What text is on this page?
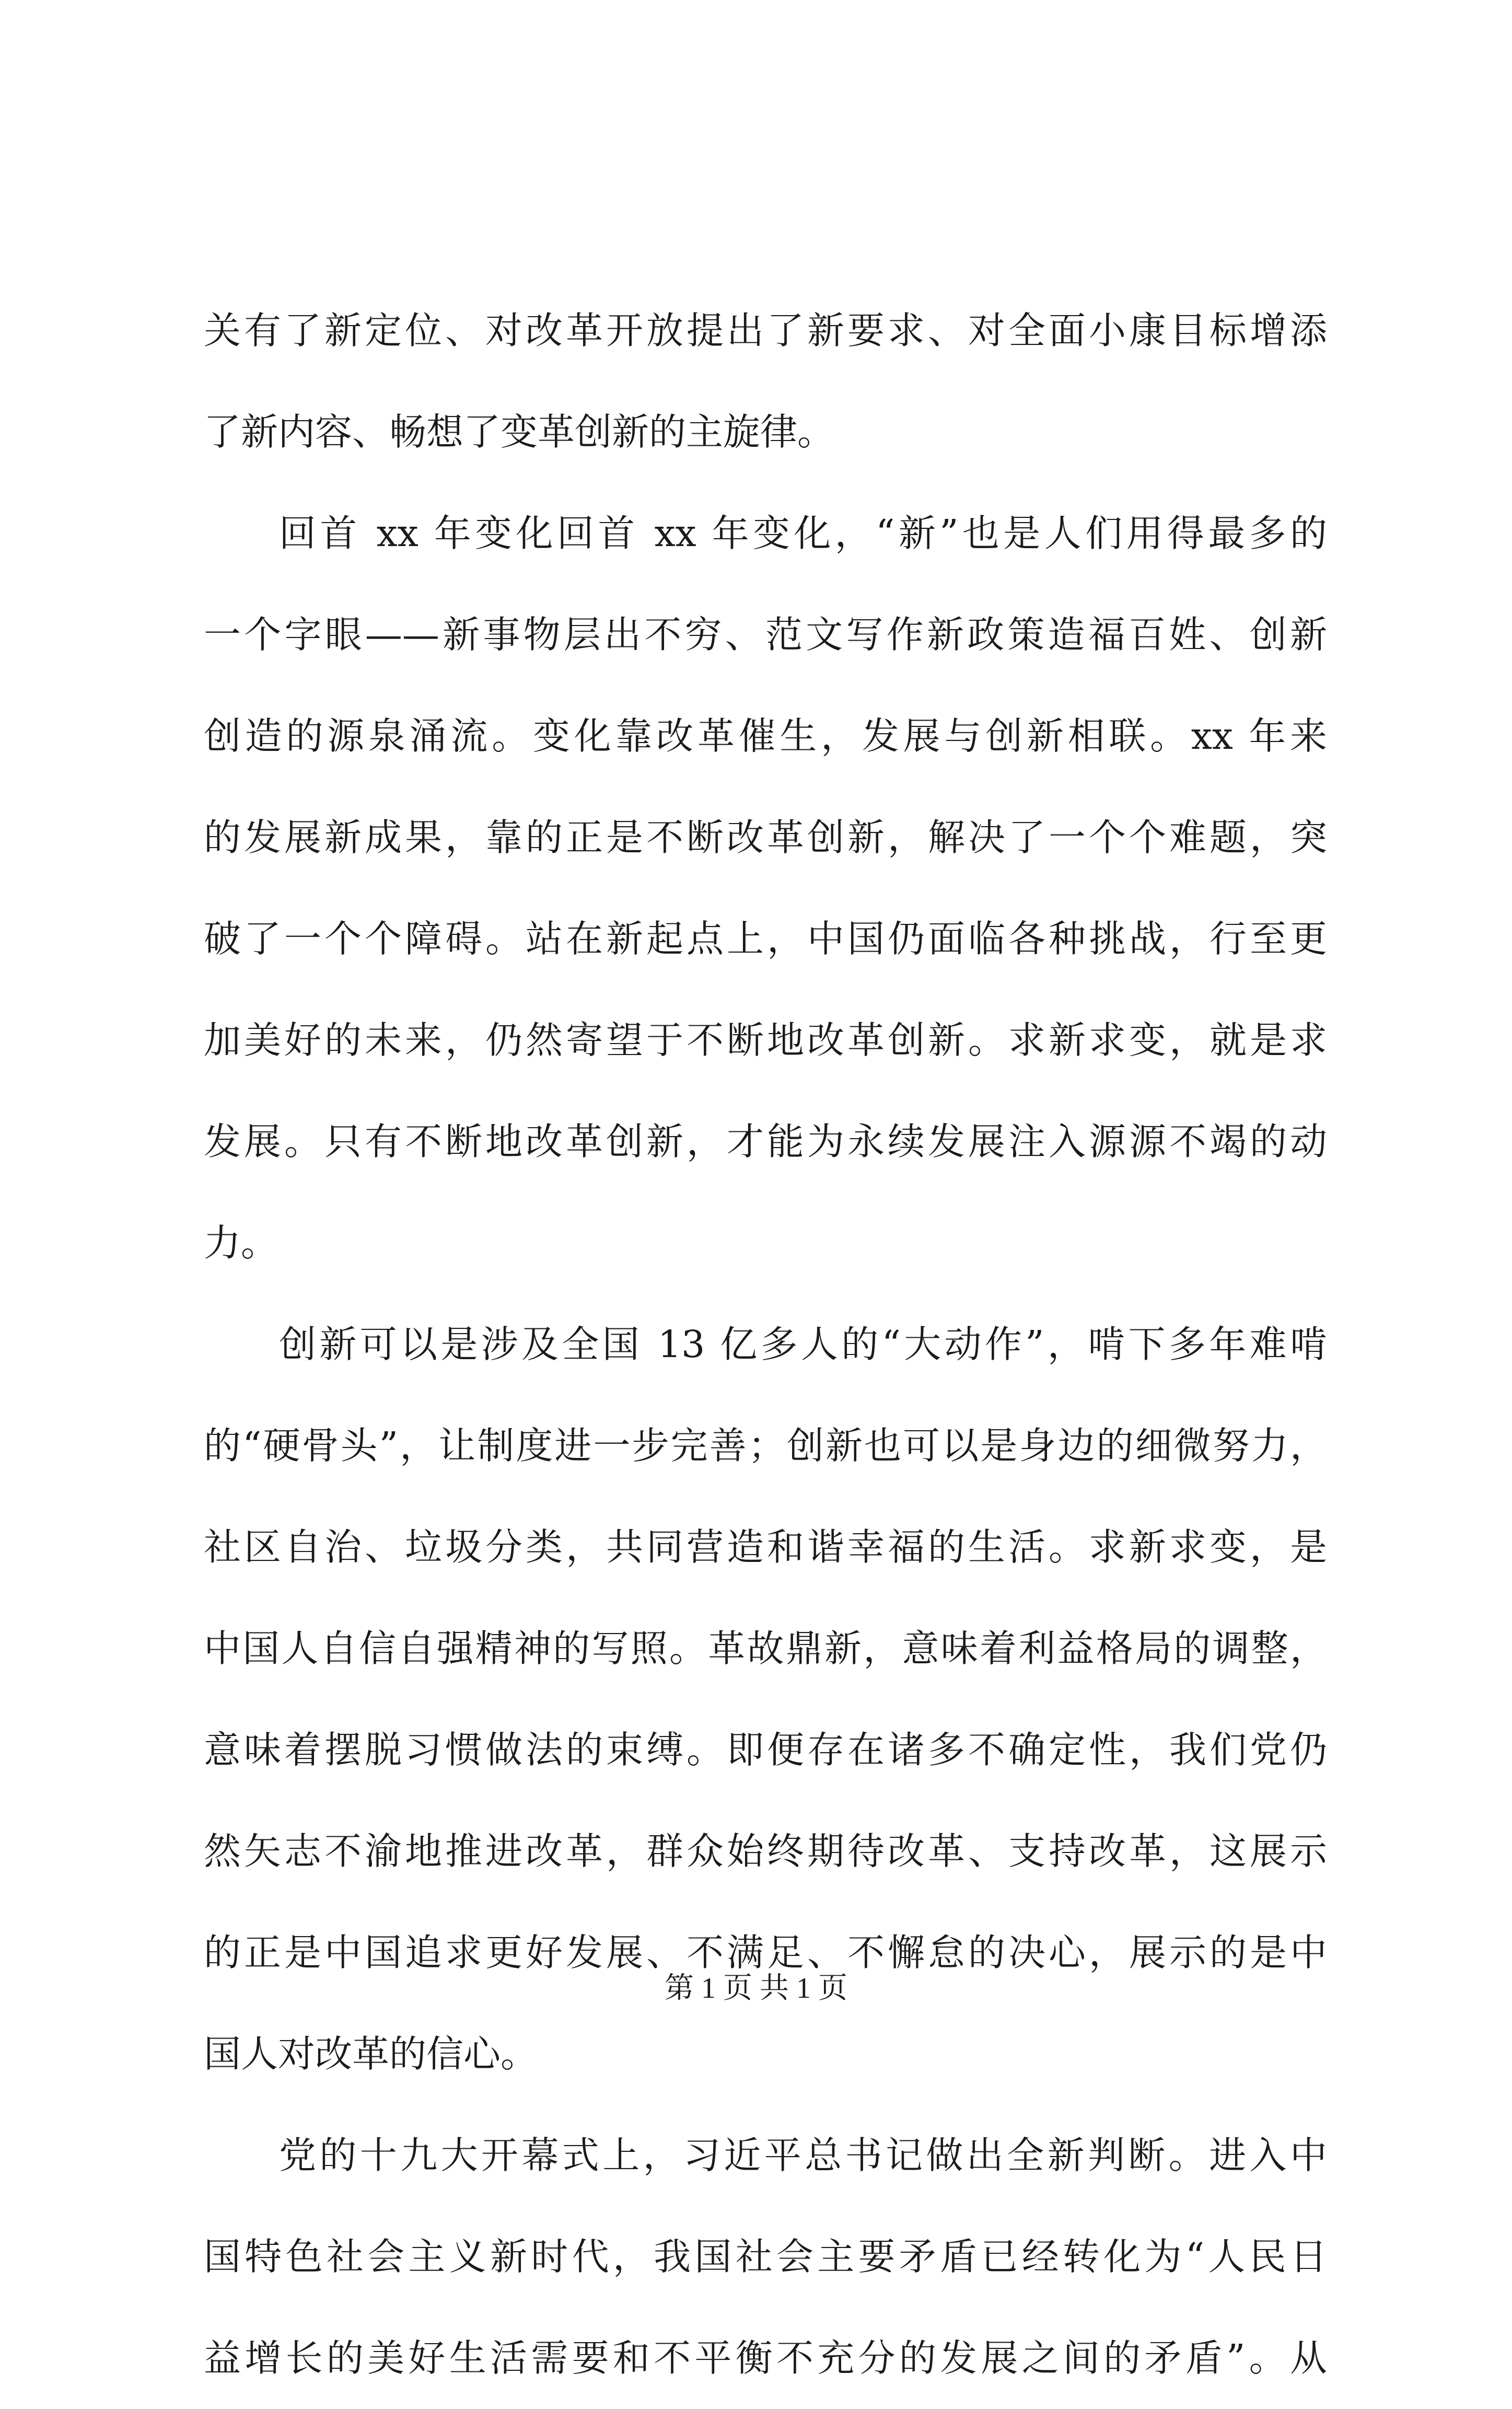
关有了新定位、对改革开放提出了新要求、对全面小康目标增添
了新内容、畅想了变革创新的主旋律。
回首 xx 年变化回首 xx 年变化，“新”也是人们用得最多的
一个字眼——新事物层出不穷、范文写作新政策造福百姓、创新
创造的源泉涌流。变化靠改革催生，发展与创新相联。xx 年来
的发展新成果，靠的正是不断改革创新，解决了一个个难题，突
破了一个个障碍。站在新起点上，中国仍面临各种挑战，行至更
加美好的未来，仍然寄望于不断地改革创新。求新求变，就是求
发展。只有不断地改革创新，才能为永续发展注入源源不竭的动
力。
创新可以是涉及全国 13 亿多人的“大动作”，啃下多年难啃
的“硬骨头”，让制度进一步完善；创新也可以是身边的细微努力，
社区自治、垃圾分类，共同营造和谐幸福的生活。求新求变，是
中国人自信自强精神的写照。革故鼎新，意味着利益格局的调整，
意味着摆脱习惯做法的束缚。即便存在诸多不确定性，我们党仍
然矢志不渝地推进改革，群众始终期待改革、支持改革，这展示
的正是中国追求更好发展、不满足、不懈怠的决心，展示的是中
国人对改革的信心。
党的十九大开幕式上，习近平总书记做出全新判断。进入中
国特色社会主义新时代，我国社会主要矛盾已经转化为“人民日
益增长的美好生活需要和不平衡不充分的发展之间的矛盾”。从
第 1 页 共 1 页
